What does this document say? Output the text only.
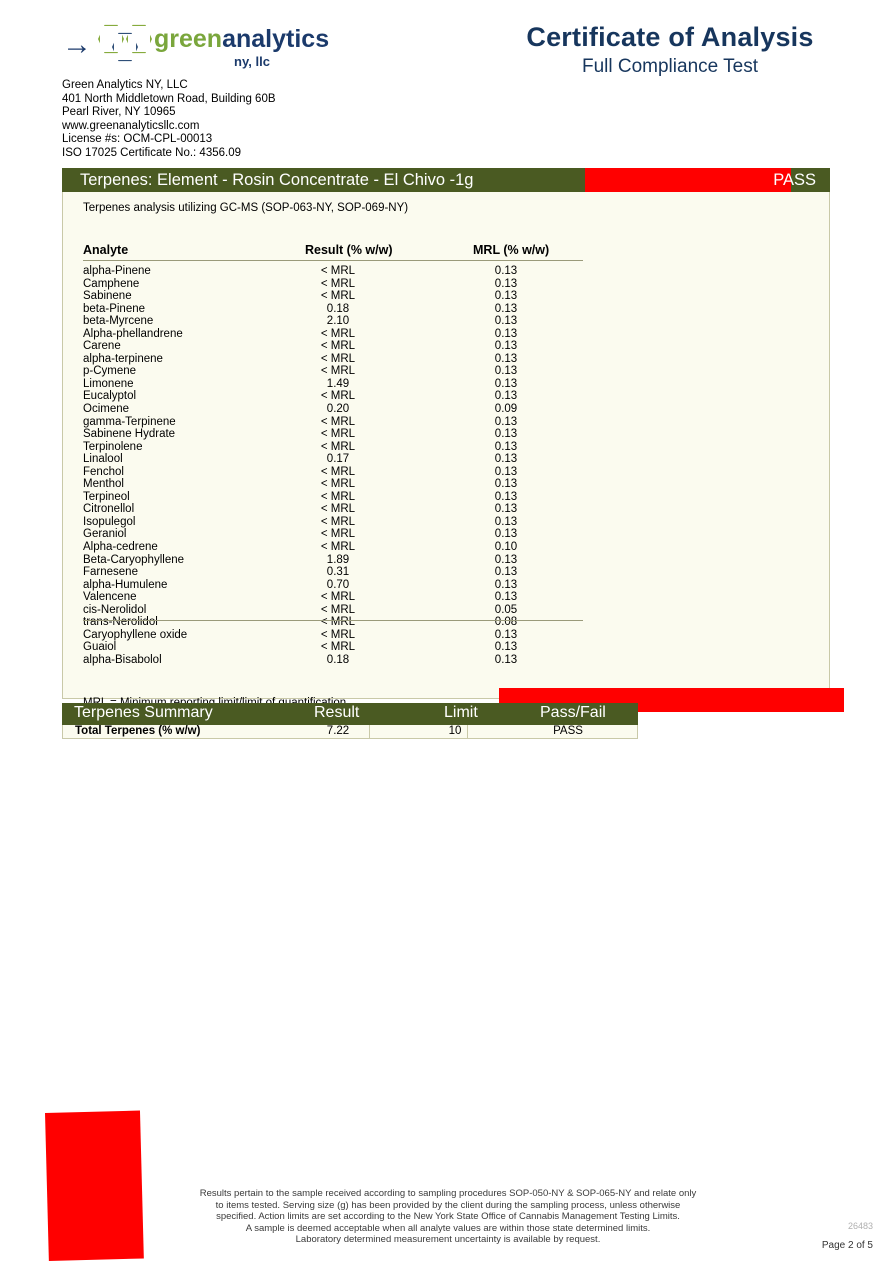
→ greenanalytics
ny, llc
Certificate of Analysis
Full Compliance Test
Green Analytics NY, LLC
401 North Middletown Road, Building 60B
Pearl River, NY 10965
www.greenanalyticsllc.com
License #s: OCM-CPL-00013
ISO 17025 Certificate No.: 4356.09
Terpenes: Element - Rosin Concentrate - El Chivo -1g	PASS
Terpenes analysis utilizing GC-MS (SOP-063-NY, SOP-069-NY)
Analyte	Result (% w/w)	MRL (% w/w)
alpha-Pinene	< MRL	0.13
Camphene	< MRL	0.13
Sabinene	< MRL	0.13
beta-Pinene	0.18	0.13
beta-Myrcene	2.10	0.13
Alpha-phellandrene	< MRL	0.13
Carene	< MRL	0.13
alpha-terpinene	< MRL	0.13
p-Cymene	< MRL	0.13
Limonene	1.49	0.13
Eucalyptol	< MRL	0.13
Ocimene	0.20	0.09
gamma-Terpinene	< MRL	0.13
Sabinene Hydrate	< MRL	0.13
Terpinolene	< MRL	0.13
Linalool	0.17	0.13
Fenchol	< MRL	0.13
Menthol	< MRL	0.13
Terpineol	< MRL	0.13
Citronellol	< MRL	0.13
Isopulegol	< MRL	0.13
Geraniol	< MRL	0.13
Alpha-cedrene	< MRL	0.10
Beta-Caryophyllene	1.89	0.13
Farnesene	0.31	0.13
alpha-Humulene	0.70	0.13
Valencene	< MRL	0.13
cis-Nerolidol	< MRL	0.05
trans-Nerolidol	< MRL	0.08
Caryophyllene oxide	< MRL	0.13
Guaiol	< MRL	0.13
alpha-Bisabolol	0.18	0.13
Terpenes Summary	Result	Limit	Pass/Fail
Total Terpenes (% w/w)	7.22	10	PASS
Results pertain to the sample received according to sampling procedures SOP-050-NY & SOP-065-NY and relate only
to items tested. Serving size (g) has been provided by the client during the sampling process, unless otherwise
specified. Action limits are set according to the New York State Office of Cannabis Management Testing Limits.
A sample is deemed acceptable when all analyte values are within those state determined limits.
Laboratory determined measurement uncertainty is available by request.
26483
Page 2 of 5
